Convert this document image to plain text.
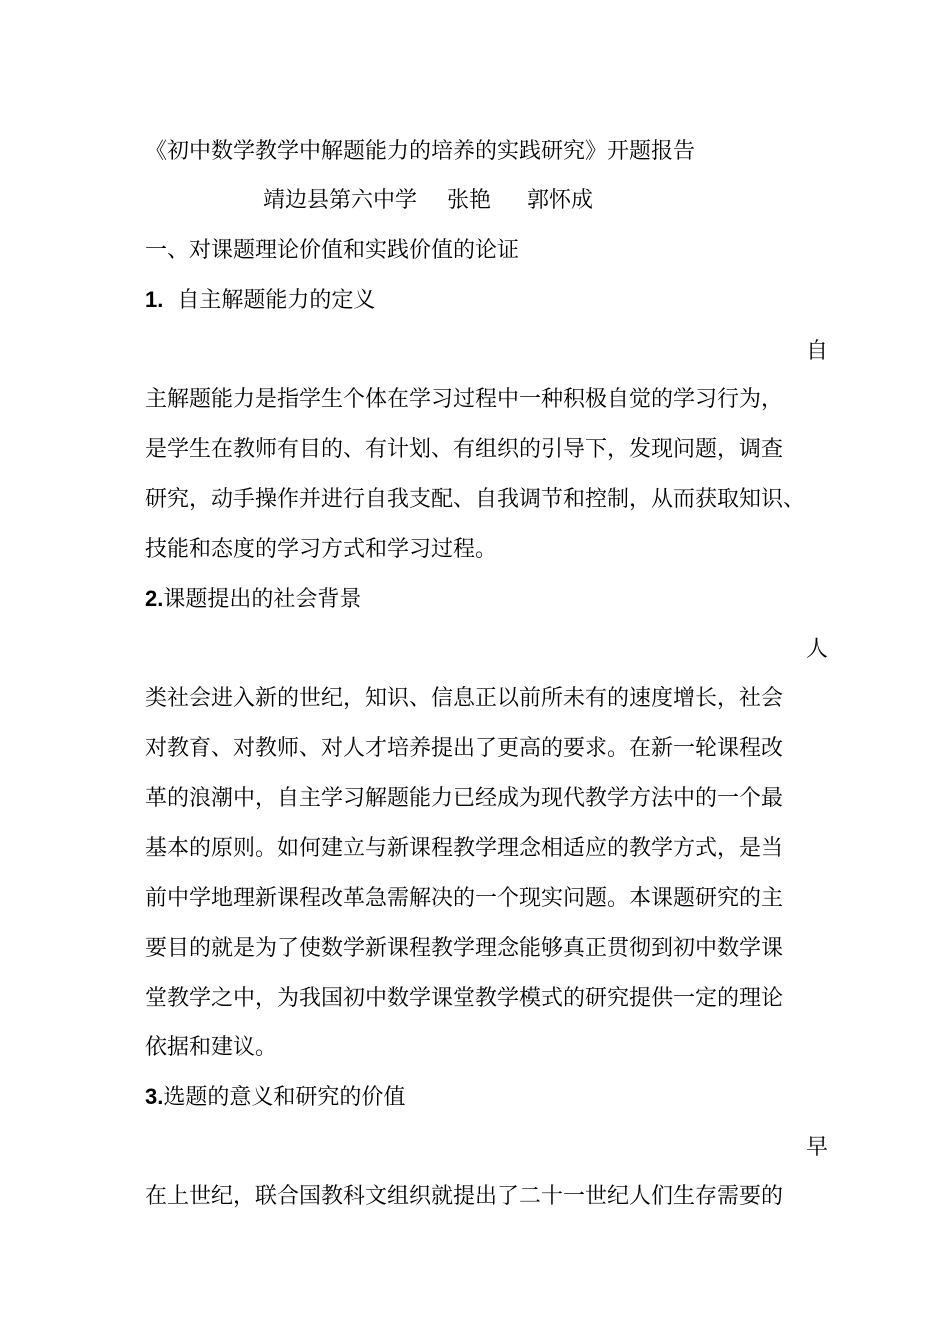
《初中数学教学中解题能力的培养的实践研究》开题报告
靖边县第六中学 张艳 郭怀成
一、对课题理论价值和实践价值的论证
1. 自主解题能力的定义
自
主解题能力是指学生个体在学习过程中一种积极自觉的学习行为，
是学生在教师有目的、有计划、有组织的引导下，发现问题，调查
研究，动手操作并进行自我支配、自我调节和控制，从而获取知识、
技能和态度的学习方式和学习过程。
2.课题提出的社会背景
人
类社会进入新的世纪，知识、信息正以前所未有的速度增长，社会
对教育、对教师、对人才培养提出了更高的要求。在新一轮课程改
革的浪潮中，自主学习解题能力已经成为现代教学方法中的一个最
基本的原则。如何建立与新课程教学理念相适应的教学方式，是当
前中学地理新课程改革急需解决的一个现实问题。本课题研究的主
要目的就是为了使数学新课程教学理念能够真正贯彻到初中数学课
堂教学之中，为我国初中数学课堂教学模式的研究提供一定的理论
依据和建议。
3.选题的意义和研究的价值
早
在上世纪，联合国教科文组织就提出了二十一世纪人们生存需要的
